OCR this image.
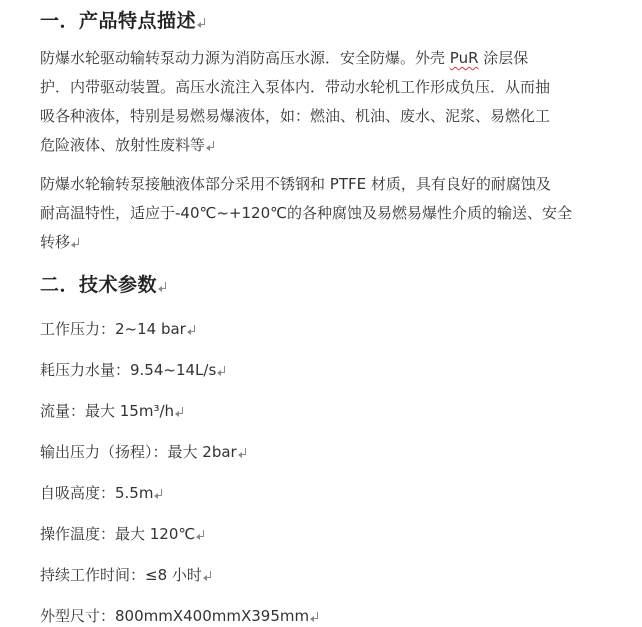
一．产品特点描述

防爆水轮驱动输转泵动力源为消防高压水源．安全防爆。外壳 PuR 涂层保
护．内带驱动装置。高压水流注入泵体内．带动水轮机工作形成负压．从而抽
吸各种液体，特别是易燃易爆液体，如：燃油、机油、废水、泥浆、易燃化工
危险液体、放射性废料等

防爆水轮输转泵接触液体部分采用不锈钢和 PTFE 材质，具有良好的耐腐蚀及
耐高温特性，适应于-40℃~+120℃的各种腐蚀及易燃易爆性介质的输送、安全
转移

二．技术参数
工作压力：2~14 bar
耗压力水量：9.54~14L/s
流量：最大 15m³/h
输出压力（扬程）：最大 2bar
自吸高度：5.5m
操作温度：最大 120℃
持续工作时间：≤8 小时
外型尺寸：800mmX400mmX395mm
